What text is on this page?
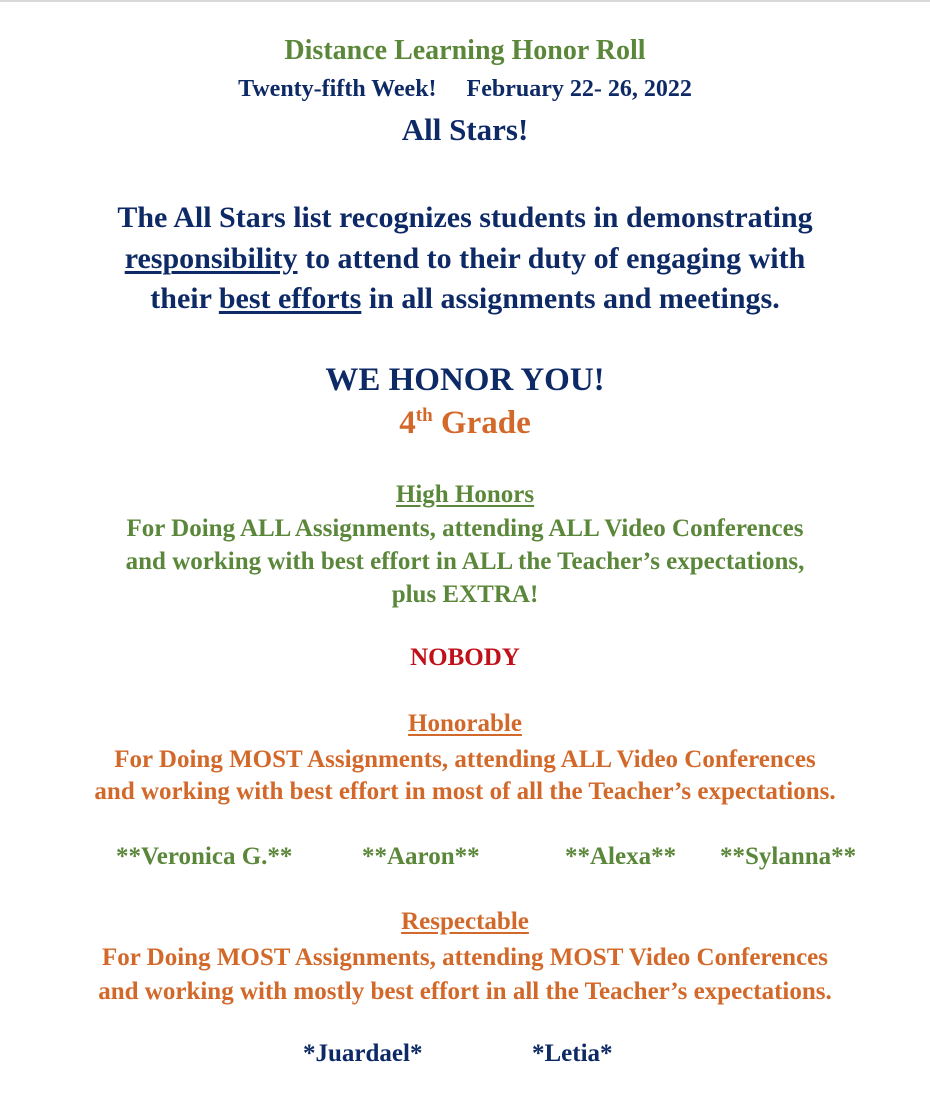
Distance Learning Honor Roll
Twenty-fifth Week! February 22- 26, 2022
All Stars!
The All Stars list recognizes students in demonstrating
responsibility to attend to their duty of engaging with
their best efforts in all assignments and meetings.
WE HONOR YOU!
4th Grade
High Honors
For Doing ALL Assignments, attending ALL Video Conferences
and working with best effort in ALL the Teacher’s expectations,
plus EXTRA!
NOBODY
Honorable
For Doing MOST Assignments, attending ALL Video Conferences
and working with best effort in most of all the Teacher’s expectations.
**Veronica G.**	**Aaron**	**Alexa** **Sylanna**
Respectable
For Doing MOST Assignments, attending MOST Video Conferences
and working with mostly best effort in all the Teacher’s expectations.
*Juardael*	*Letia*
